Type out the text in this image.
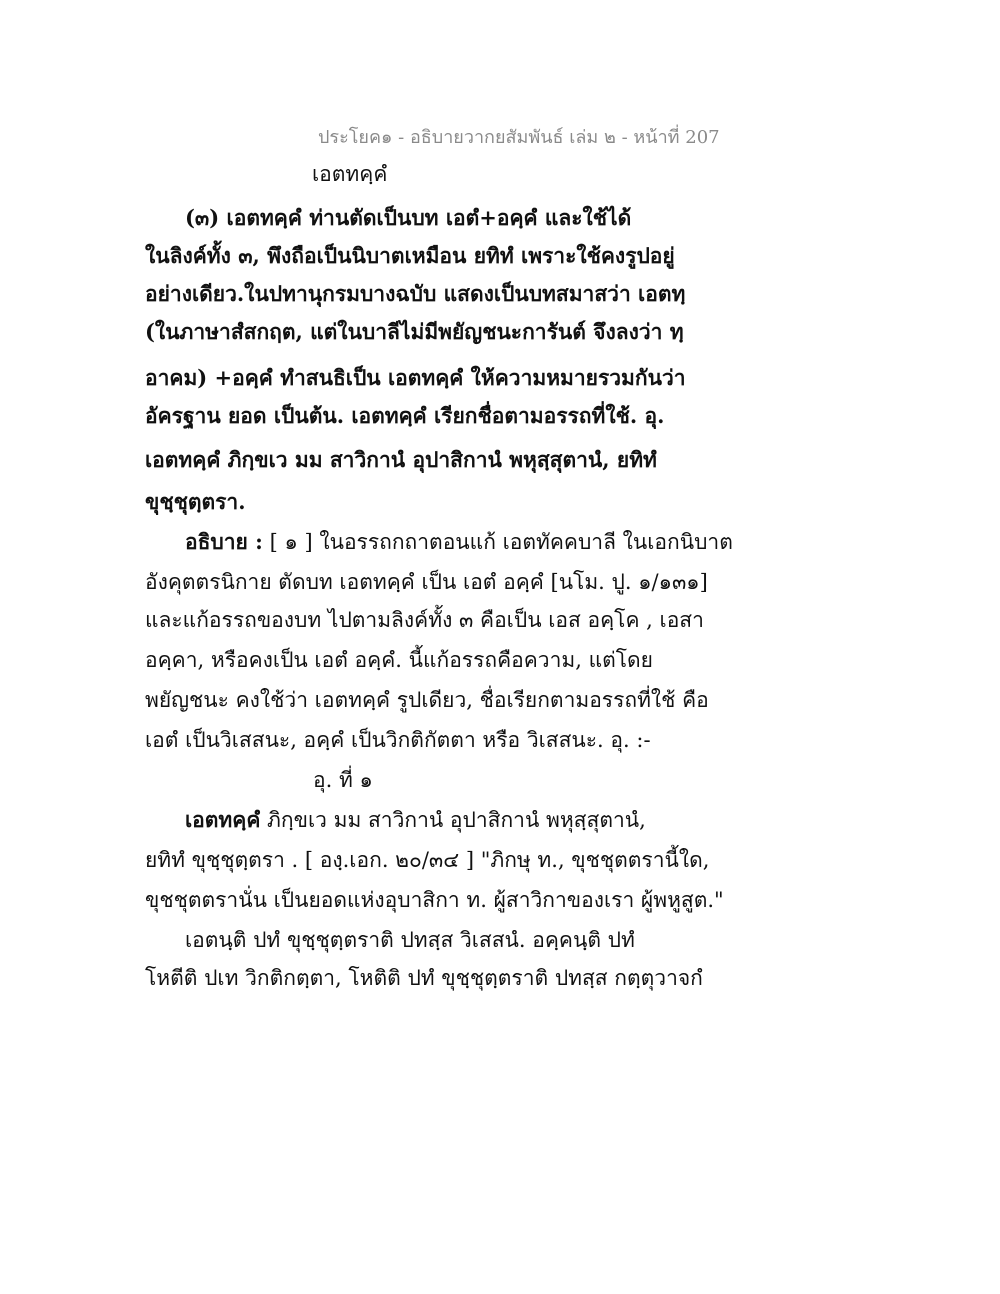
ประโยค๑ - อธิบายวากยสัมพันธ์ เล่ม ๒ - หน้าที่ 207
เอตทคฺคํ
(๓) เอตทคฺคํ ท่านตัดเป็นบท เอตํ+อคฺคํ และใช้ได้
ในลิงค์ทั้ง ๓, พึงถือเป็นนิบาตเหมือน ยทิทํ เพราะใช้คงรูปอยู่
อย่างเดียว.ในปทานุกรมบางฉบับ แสดงเป็นบทสมาสว่า เอตทฺ
(ในภาษาสํสกฤต, แต่ในบาลีไม่มีพยัญชนะการันต์ จึงลงว่า ทฺ
อาคม) +อคฺคํ ทำสนธิเป็น เอตทคฺคํ ให้ความหมายรวมกันว่า
อัครฐาน ยอด เป็นต้น. เอตทคฺคํ เรียกชื่อตามอรรถที่ใช้. อุ.
เอตทคฺคํ ภิกฺขเว มม สาวิกานํ อุปาสิกานํ พหุสฺสุตานํ, ยทิทํ
ขุชฺชุตฺตรา.
อธิบาย : [ ๑ ] ในอรรถกถาตอนแก้ เอตทัคคบาลี ในเอกนิบาต
อังคุตตรนิกาย ตัดบท เอตทคฺคํ เป็น เอตํ อคฺคํ [นโม. ปู. ๑/๑๓๑]
และแก้อรรถของบท ไปตามลิงค์ทั้ง ๓ คือเป็น เอส อคฺโค , เอสา
อคฺคา, หรือคงเป็น เอตํ อคฺคํ. นี้แก้อรรถคือความ, แต่โดย
พยัญชนะ คงใช้ว่า เอตทคฺคํ รูปเดียว, ชื่อเรียกตามอรรถที่ใช้ คือ
เอตํ เป็นวิเสสนะ, อคฺคํ เป็นวิกติกัตตา หรือ วิเสสนะ. อุ. :-
อุ. ที่ ๑
เอตทคฺคํ ภิกฺขเว มม สาวิกานํ อุปาสิกานํ พหุสฺสุตานํ,
ยทิทํ ขุชฺชุตฺตรา . [ องฺ.เอก. ๒๐/๓๔ ] "ภิกษุ ท., ขุชชุตตรานี้ใด,
ขุชชุตตรานั่น เป็นยอดแห่งอุบาสิกา ท. ผู้สาวิกาของเรา ผู้พหูสูต."
เอตนฺติ ปทํ ขุชฺชุตฺตราติ ปทสฺส วิเสสนํ. อคฺคนฺติ ปทํ
โหตีติ ปเท วิกติกตฺตา, โหติติ ปทํ ขุชฺชุตฺตราติ ปทสฺส กตฺตุวาจกํ
